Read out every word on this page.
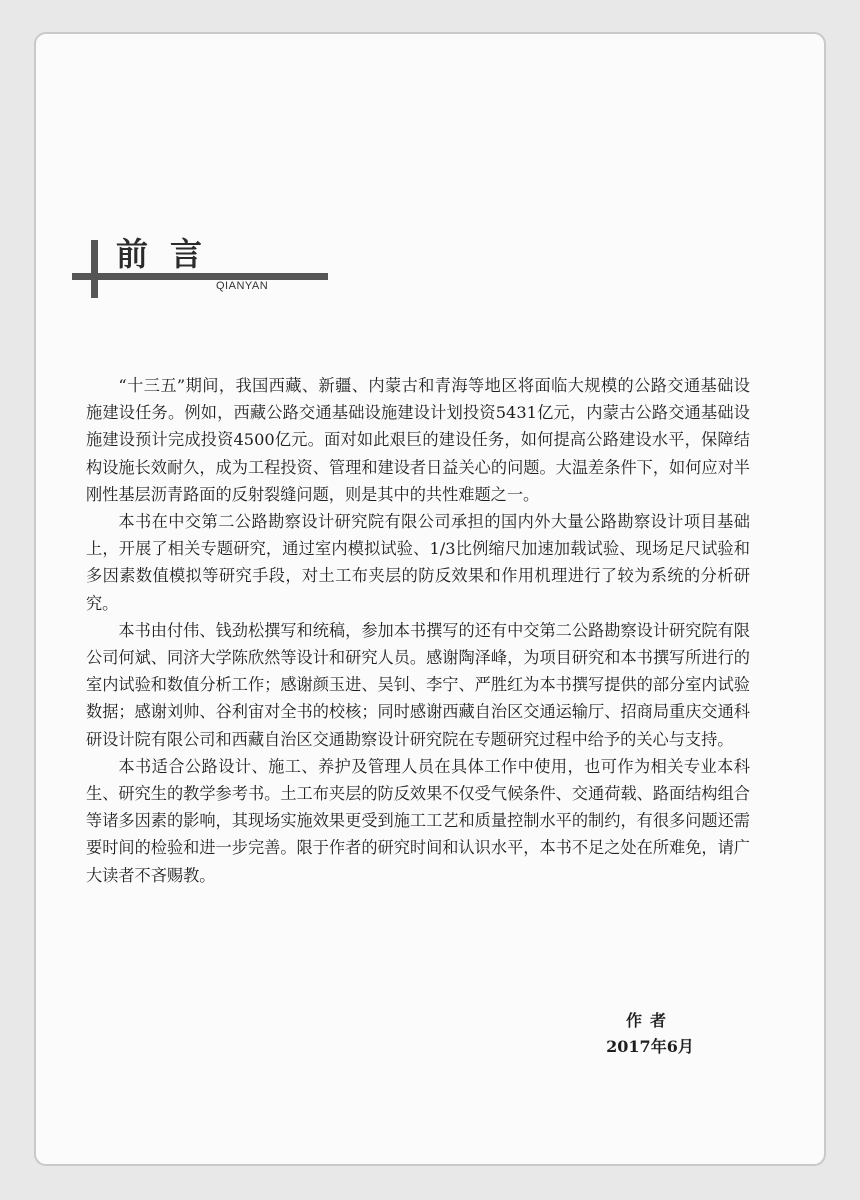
前言
QIANYAN

“十三五”期间，我国西藏、新疆、内蒙古和青海等地区将面临大规模的公路交通基础设施建设任务。例如，西藏公路交通基础设施建设计划投资5431亿元，内蒙古公路交通基础设施建设预计完成投资4500亿元。面对如此艰巨的建设任务，如何提高公路建设水平，保障结构设施长效耐久，成为工程投资、管理和建设者日益关心的问题。大温差条件下，如何应对半刚性基层沥青路面的反射裂缝问题，则是其中的共性难题之一。

本书在中交第二公路勘察设计研究院有限公司承担的国内外大量公路勘察设计项目基础上，开展了相关专题研究，通过室内模拟试验、1/3比例缩尺加速加载试验、现场足尺试验和多因素数值模拟等研究手段，对土工布夹层的防反效果和作用机理进行了较为系统的分析研究。

本书由付伟、钱劲松撰写和统稿，参加本书撰写的还有中交第二公路勘察设计研究院有限公司何斌、同济大学陈欣然等设计和研究人员。感谢陶泽峰，为项目研究和本书撰写所进行的室内试验和数值分析工作；感谢颜玉进、吴钊、李宁、严胜红为本书撰写提供的部分室内试验数据；感谢刘帅、谷利宙对全书的校核；同时感谢西藏自治区交通运输厅、招商局重庆交通科研设计院有限公司和西藏自治区交通勘察设计研究院在专题研究过程中给予的关心与支持。

本书适合公路设计、施工、养护及管理人员在具体工作中使用，也可作为相关专业本科生、研究生的教学参考书。土工布夹层的防反效果不仅受气候条件、交通荷载、路面结构组合等诸多因素的影响，其现场实施效果更受到施工工艺和质量控制水平的制约，有很多问题还需要时间的检验和进一步完善。限于作者的研究时间和认识水平，本书不足之处在所难免，请广大读者不吝赐教。

作者
2017年6月
